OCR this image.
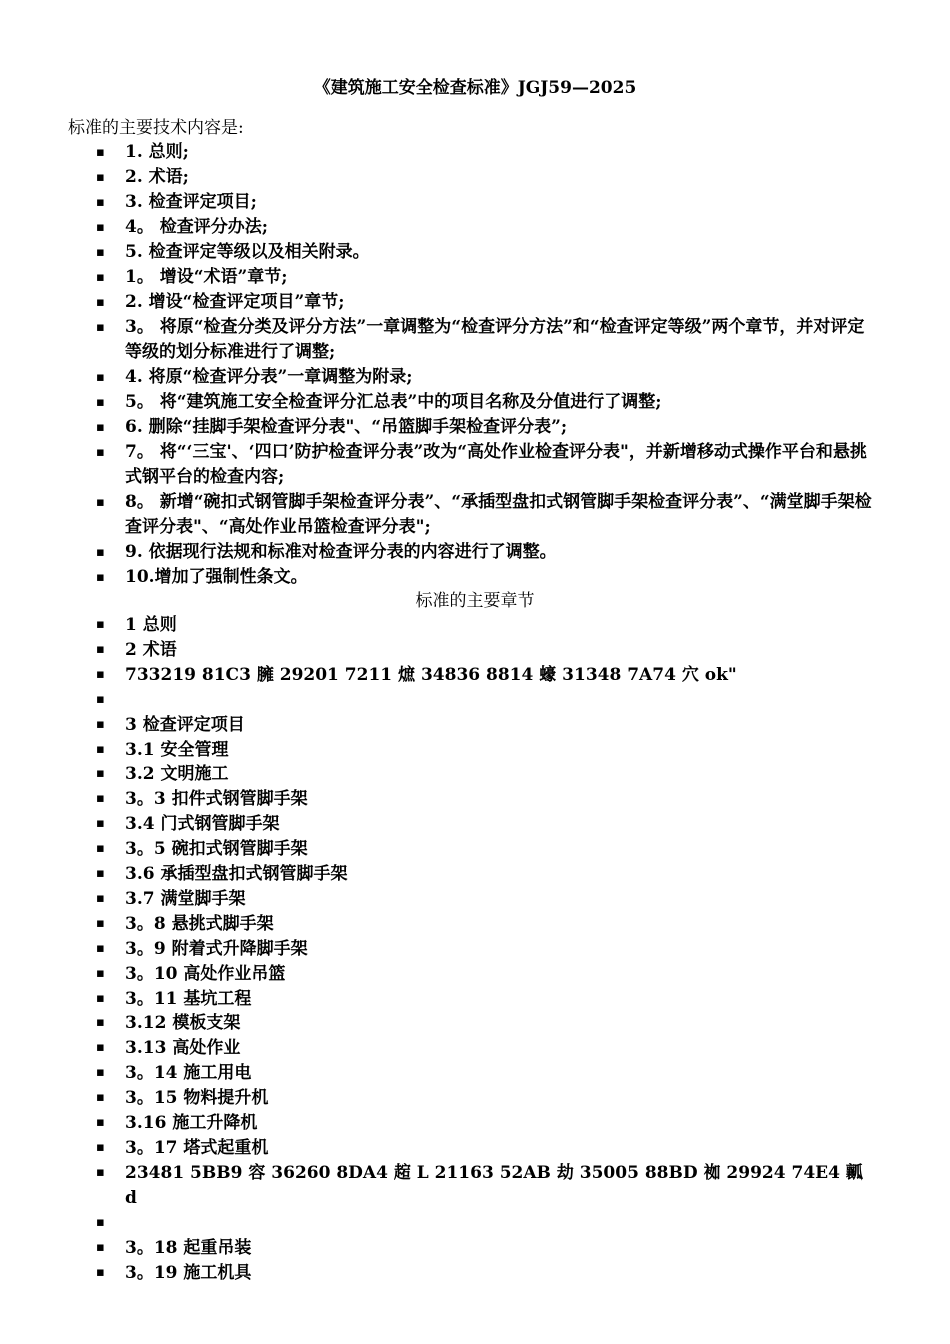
《建筑施工安全检查标准》JGJ59—2025
标准的主要技术内容是:
▪ 1. 总则;
▪ 2. 术语;
▪ 3. 检查评定项目;
▪ 4。 检查评分办法;
▪ 5. 检查评定等级以及相关附录。
▪ 1。 增设“术语”章节;
▪ 2. 增设“检查评定项目”章节;
▪ 3。 将原“检查分类及评分方法”一章调整为“检查评分方法”和“检查评定等级”两个章节，并对评定等级的划分标准进行了调整;
▪ 4. 将原“检查评分表”一章调整为附录;
▪ 5。 将“建筑施工安全检查评分汇总表”中的项目名称及分值进行了调整;
▪ 6. 删除“挂脚手架检查评分表"、“吊篮脚手架检查评分表”;
▪ 7。 将“‘三宝'、‘四口’防护检查评分表”改为“高处作业检查评分表"，并新增移动式操作平台和悬挑式钢平台的检查内容;
▪ 8。 新增“碗扣式钢管脚手架检查评分表”、“承插型盘扣式钢管脚手架检查评分表”、“满堂脚手架检查评分表"、“高处作业吊篮检查评分表";
▪ 9. 依据现行法规和标准对检查评分表的内容进行了调整。
▪ 10.增加了强制性条文。
标准的主要章节
▪ 1 总则
▪ 2 术语
▪ 733219 81C3 臃 29201 7211 熫 34836 8814 蠔 31348 7A74 穴 ok"
▪
▪ 3 检查评定项目
▪ 3.1 安全管理
▪ 3.2 文明施工
▪ 3。3 扣件式钢管脚手架
▪ 3.4 门式钢管脚手架
▪ 3。5 碗扣式钢管脚手架
▪ 3.6 承插型盘扣式钢管脚手架
▪ 3.7 满堂脚手架
▪ 3。8 悬挑式脚手架
▪ 3。9 附着式升降脚手架
▪ 3。10 高处作业吊篮
▪ 3。11 基坑工程
▪ 3.12 模板支架
▪ 3.13 高处作业
▪ 3。14 施工用电
▪ 3。15 物料提升机
▪ 3.16 施工升降机
▪ 3。17 塔式起重机
▪ 23481 5BB9 容 36260 8DA4 趤 L 21163 52AB 劫 35005 88BD 袽 29924 74E4 瓤 d
▪
▪ 3。18 起重吊装
▪ 3。19 施工机具
